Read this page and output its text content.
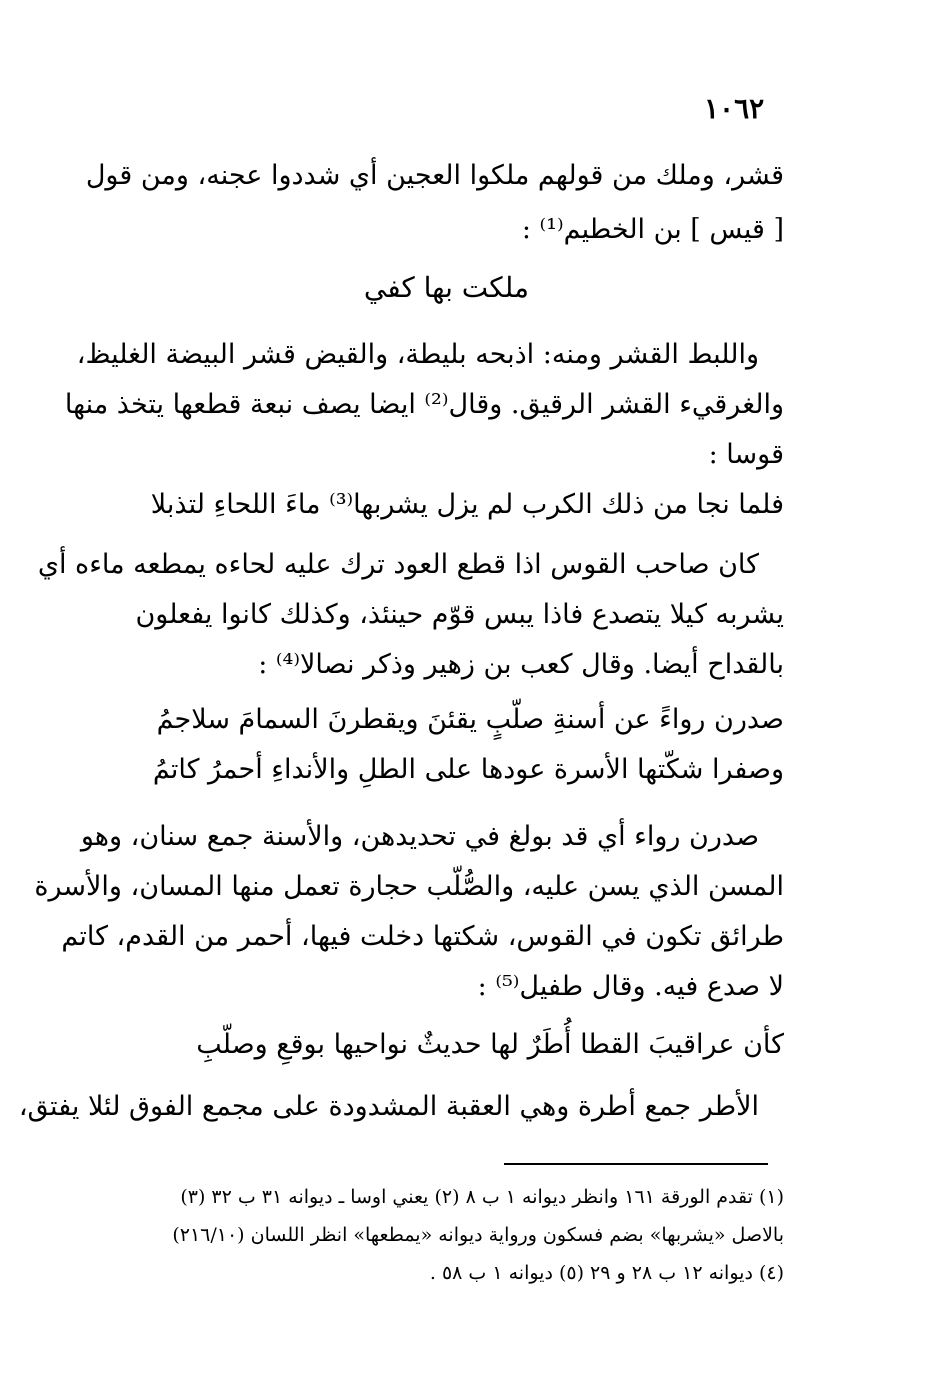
١٠٦٢
قشر، وملك من قولهم ملكوا العجين أي شددوا عجنه، ومن قول
[ قيس ] بن الخطيم⁽¹⁾ :
ملكت بها كفي
واللبط القشر ومنه: اذبحه بليطة، والقيض قشر البيضة الغليظ،
والغرقيء القشر الرقيق. وقال⁽²⁾ ايضا يصف نبعة قطعها يتخذ منها
قوسا :
فلما نجا من ذلك الكرب لم يزل يشربها⁽³⁾ ماءَ اللحاءِ لتذبلا
كان صاحب القوس اذا قطع العود ترك عليه لحاءه يمطعه ماءه أي
يشربه كيلا يتصدع فاذا يبس قوّم حينئذ، وكذلك كانوا يفعلون
بالقداح أيضا. وقال كعب بن زهير وذكر نصالا⁽⁴⁾ :
صدرن رواءً عن أسنةِ صلّبٍ يقئنَ ويقطرنَ السمامَ سلاجمُ
وصفرا شكّتها الأسرة عودها على الطلِ والأنداءِ أحمرُ كاتمُ
صدرن رواء أي قد بولغ في تحديدهن، والأسنة جمع سنان، وهو
المسن الذي يسن عليه، والصُّلّب حجارة تعمل منها المسان، والأسرة
طرائق تكون في القوس، شكتها دخلت فيها، أحمر من القدم، كاتم
لا صدع فيه. وقال طفيل⁽⁵⁾ :
كأن عراقيبَ القطا أُطَرٌ لها حديثٌ نواحيها بوقعِ وصلّبِ
الأطر جمع أطرة وهي العقبة المشدودة على مجمع الفوق لئلا يفتق،
(١) تقدم الورقة ١٦١ وانظر ديوانه ١ ب ٨ (٢) يعني اوسا ـ ديوانه ٣١ ب ٣٢ (٣)
بالاصل «يشربها» بضم فسكون ورواية ديوانه «يمطعها» انظر اللسان (٢١٦/١٠)
(٤) ديوانه ١٢ ب ٢٨ و ٢٩ (٥) ديوانه ١ ب ٥٨ .
